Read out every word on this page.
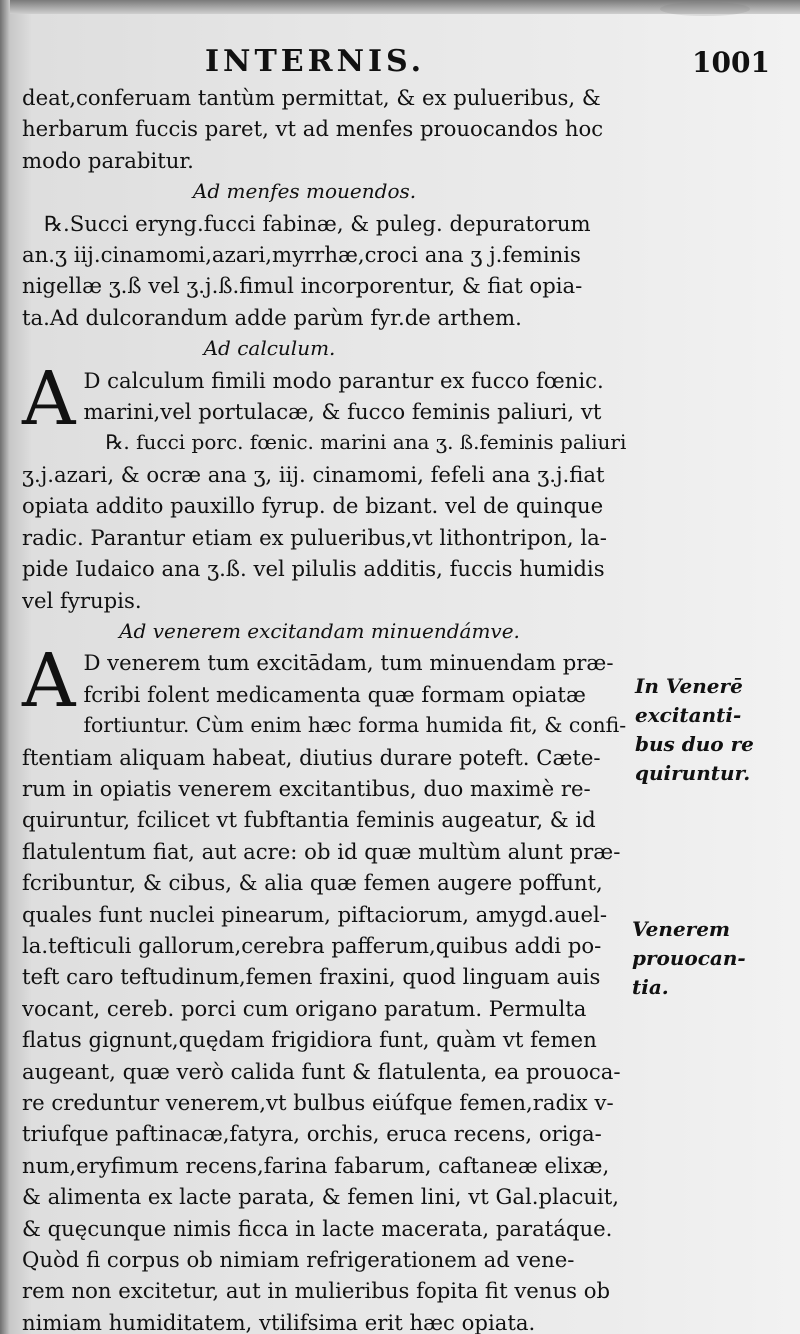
INTERNIS.	1001
deat,conferuam tantùm permittat, & ex pulueribus, &
herbarum fuccis paret, vt ad menfes prouocandos hoc
modo parabitur.
Ad menfes mouendos.
℞.Succi eryng.fucci fabinæ, & puleg. depuratorum
an.ʒ iij.cinamomi,azari,myrrhæ,croci ana ʒ j.feminis
nigellæ ʒ.ß vel ʒ.j.ß.fimul incorporentur, & fiat opia-
ta.Ad dulcorandum adde parùm fyr.de arthem.
Ad calculum.
A D calculum fimili modo parantur ex fucco fœnic.
marini,vel portulacæ, & fucco feminis paliuri, vt
℞. fucci porc. fœnic. marini ana ʒ. ß.feminis paliuri
ʒ.j.azari, & ocræ ana ʒ, iij. cinamomi, fefeli ana ʒ.j.fiat
opiata addito pauxillo fyrup. de bizant. vel de quinque
radic. Parantur etiam ex pulueribus,vt lithontripon, la-
pide Iudaico ana ʒ.ß. vel pilulis additis, fuccis humidis
vel fyrupis.
Ad venerem excitandam minuendámve.
A D venerem tum excitādam, tum minuendam præ-
fcribi folent medicamenta quæ formam opiatæ
fortiuntur. Cùm enim hæc forma humida fit, & confi-
ftentiam aliquam habeat, diutius durare poteft. Cæte-
rum in opiatis venerem excitantibus, duo maximè re-
quiruntur, fcilicet vt fubftantia feminis augeatur, & id
flatulentum fiat, aut acre: ob id quæ multùm alunt præ-
fcribuntur, & cibus, & alia quæ femen augere poffunt,
quales funt nuclei pinearum, piftaciorum, amygd.auel-
la.tefticuli gallorum,cerebra pafferum,quibus addi po-
teft caro teftudinum,femen fraxini, quod linguam auis
vocant, cereb. porci cum origano paratum. Permulta
flatus gignunt,quędam frigidiora funt, quàm vt femen
augeant, quæ verò calida funt & flatulenta, ea prouoca-
re creduntur venerem,vt bulbus eiúfque femen,radix v-
triufque paftinacæ,fatyra, orchis, eruca recens, origa-
num,eryfimum recens,farina fabarum, caftaneæ elixæ,
& alimenta ex lacte parata, & femen lini, vt Gal.placuit,
& quęcunque nimis ficca in lacte macerata, paratáque.
Quòd fi corpus ob nimiam refrigerationem ad vene-
rem non excitetur, aut in mulieribus fopita fit venus ob
nimiam humiditatem, vtilifsima erit hæc opiata.
In Venerē
excitanti-
bus duo re
quiruntur.
Venerem
prouocan-
tia.
